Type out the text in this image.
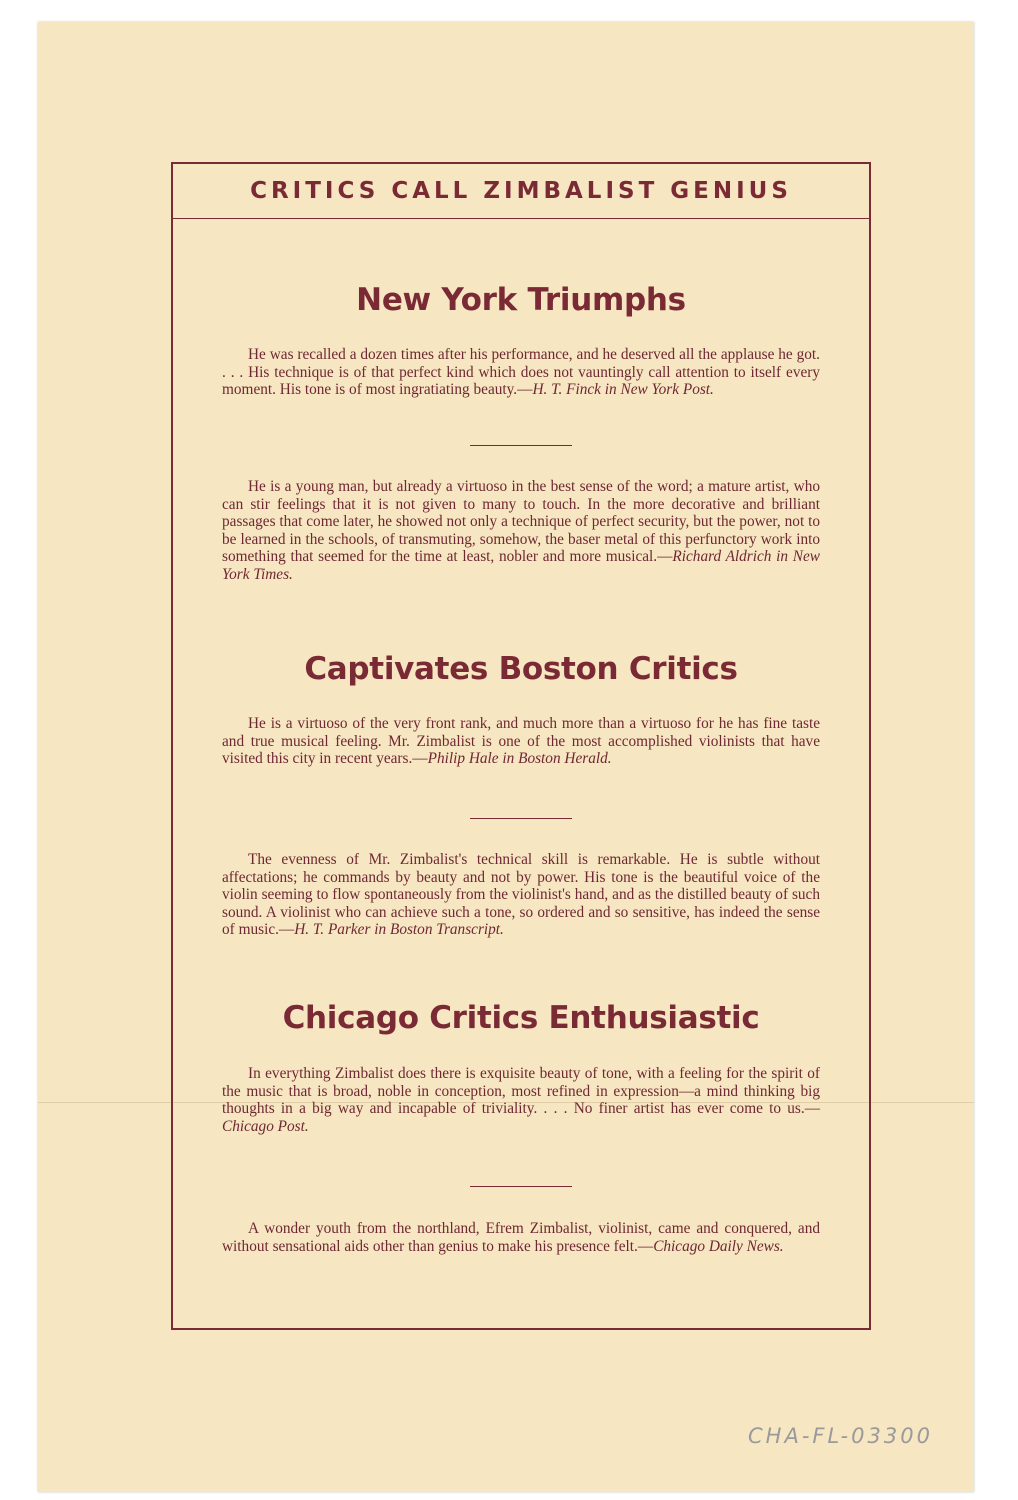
CRITICS CALL ZIMBALIST GENIUS
New York Triumphs
He was recalled a dozen times after his performance, and he deserved all the applause he got. . . . His technique is of that perfect kind which does not vauntingly call attention to itself every moment. His tone is of most ingratiating beauty.—H. T. Finck in New York Post.
He is a young man, but already a virtuoso in the best sense of the word; a mature artist, who can stir feelings that it is not given to many to touch. In the more decorative and brilliant passages that come later, he showed not only a technique of perfect security, but the power, not to be learned in the schools, of transmuting, somehow, the baser metal of this perfunctory work into something that seemed for the time at least, nobler and more musical.—Richard Aldrich in New York Times.
Captivates Boston Critics
He is a virtuoso of the very front rank, and much more than a virtuoso for he has fine taste and true musical feeling. Mr. Zimbalist is one of the most accomplished violinists that have visited this city in recent years.—Philip Hale in Boston Herald.
The evenness of Mr. Zimbalist's technical skill is remarkable. He is subtle without affectations; he commands by beauty and not by power. His tone is the beautiful voice of the violin seeming to flow spontaneously from the violinist's hand, and as the distilled beauty of such sound. A violinist who can achieve such a tone, so ordered and so sensitive, has indeed the sense of music.—H. T. Parker in Boston Transcript.
Chicago Critics Enthusiastic
In everything Zimbalist does there is exquisite beauty of tone, with a feeling for the spirit of the music that is broad, noble in conception, most refined in expression—a mind thinking big thoughts in a big way and incapable of triviality. . . . No finer artist has ever come to us.—Chicago Post.
A wonder youth from the northland, Efrem Zimbalist, violinist, came and conquered, and without sensational aids other than genius to make his presence felt.—Chicago Daily News.
CHA-FL-03300
